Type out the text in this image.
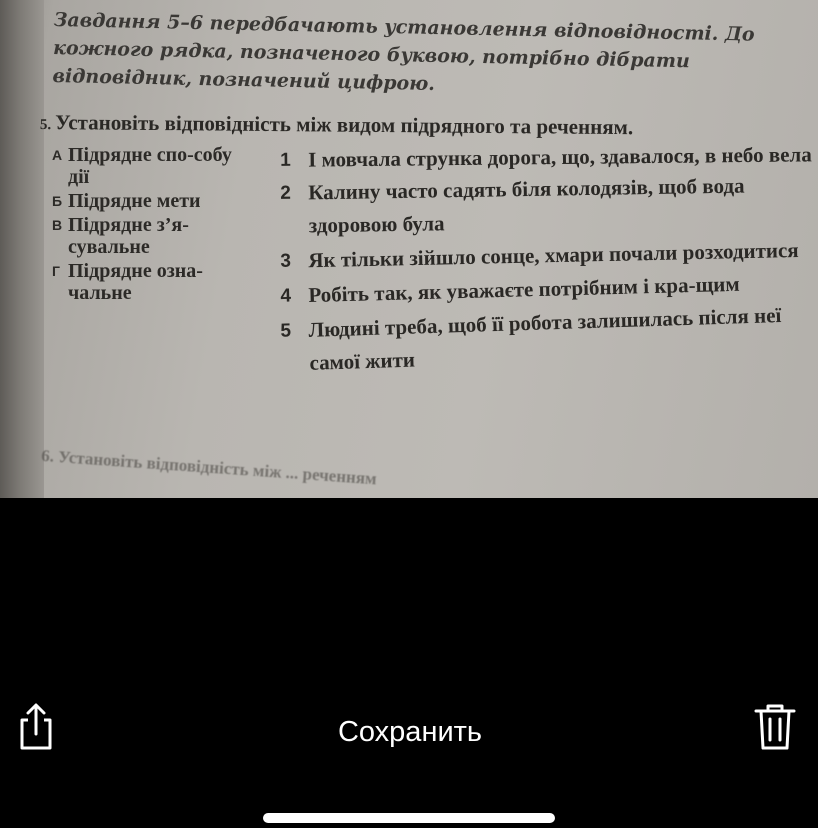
Завдання 5–6 передбачають установлення відповідності. До кожного рядка, позначеного буквою, потрібно дібрати відповідник, позначений цифрою.
5. Установіть відповідність між видом підрядного та реченням.
А Підрядне спо-собу дії
Б Підрядне мети
В Підрядне з’я-сувальне
Г Підрядне озна-чальне
1 І мовчала струнка дорога, що, здавалося, в небо вела
2 Калину часто садять біля колодязів, щоб вода здоровою була
3 Як тільки зійшло сонце, хмари почали розходитися
4 Робіть так, як уважаєте потрібним і кра-щим
5 Людині треба, щоб її робота залишилась після неї самої жити
6. Установіть відповідність між ... реченням
Сохранить
